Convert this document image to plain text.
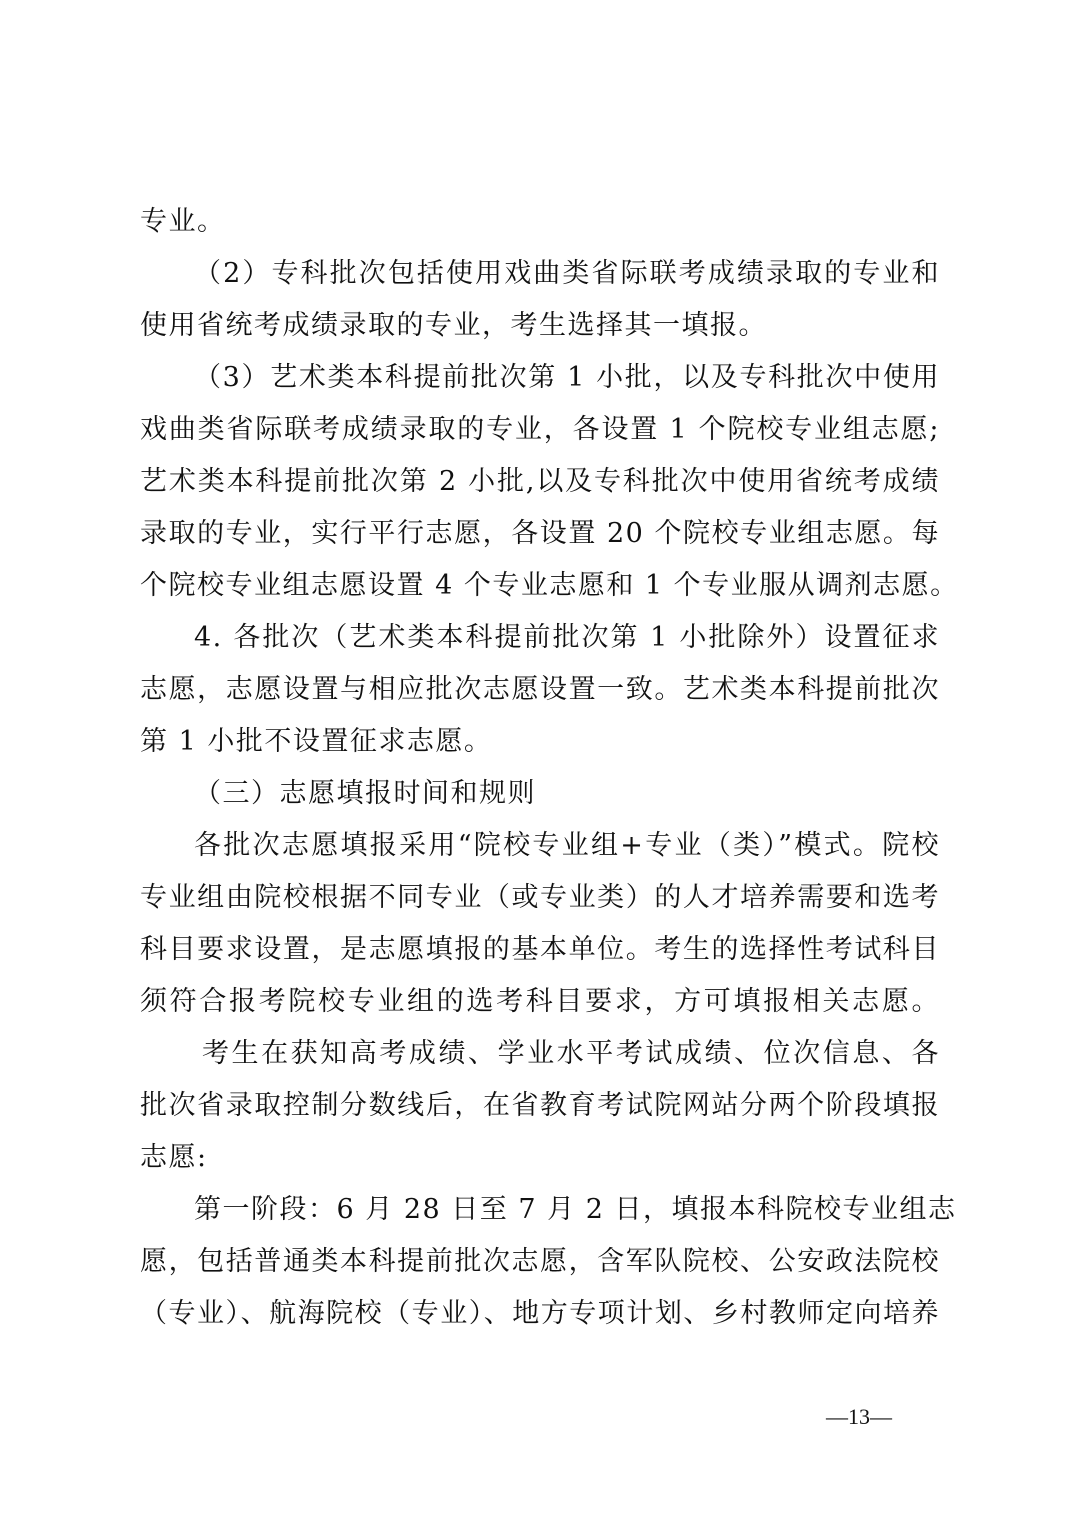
专业。
（2）专科批次包括使用戏曲类省际联考成绩录取的专业和
使用省统考成绩录取的专业，考生选择其一填报。
（3）艺术类本科提前批次第 1 小批，以及专科批次中使用
戏曲类省际联考成绩录取的专业，各设置 1 个院校专业组志愿;
艺术类本科提前批次第 2 小批,以及专科批次中使用省统考成绩
录取的专业，实行平行志愿，各设置 20 个院校专业组志愿。每
个院校专业组志愿设置 4 个专业志愿和 1 个专业服从调剂志愿。
4. 各批次（艺术类本科提前批次第 1 小批除外）设置征求
志愿，志愿设置与相应批次志愿设置一致。艺术类本科提前批次
第 1 小批不设置征求志愿。
（三）志愿填报时间和规则
各批次志愿填报采用“院校专业组+专业（类）”模式。院校
专业组由院校根据不同专业（或专业类）的人才培养需要和选考
科目要求设置，是志愿填报的基本单位。考生的选择性考试科目
须符合报考院校专业组的选考科目要求，方可填报相关志愿。
考生在获知高考成绩、学业水平考试成绩、位次信息、各
批次省录取控制分数线后，在省教育考试院网站分两个阶段填报
志愿:
第一阶段：6 月 28 日至 7 月 2 日，填报本科院校专业组志
愿，包括普通类本科提前批次志愿，含军队院校、公安政法院校
（专业）、航海院校（专业）、地方专项计划、乡村教师定向培养
—13—
